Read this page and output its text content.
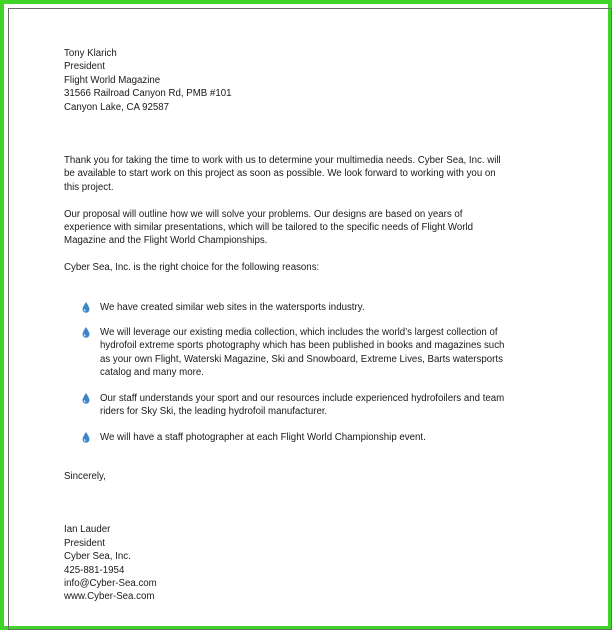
Tony Klarich
President
Flight World Magazine
31566 Railroad Canyon Rd, PMB #101
Canyon Lake, CA 92587
Thank you for taking the time to work with us to determine your multimedia needs. Cyber Sea, Inc. will
be available to start work on this project as soon as possible. We look forward to working with you on
this project.
Our proposal will outline how we will solve your problems. Our designs are based on years of
experience with similar presentations, which will be tailored to the specific needs of Flight World
Magazine and the Flight World Championships.
Cyber Sea, Inc. is the right choice for the following reasons:
We have created similar web sites in the watersports industry.
We will leverage our existing media collection, which includes the world’s largest collection of
hydrofoil extreme sports photography which has been published in books and magazines such
as your own Flight, Waterski Magazine, Ski and Snowboard, Extreme Lives, Barts watersports
catalog and many more.
Our staff understands your sport and our resources include experienced hydrofoilers and team
riders for Sky Ski, the leading hydrofoil manufacturer.
We will have a staff photographer at each Flight World Championship event.
Sincerely,
Ian Lauder
President
Cyber Sea, Inc.
425-881-1954
info@Cyber-Sea.com
www.Cyber-Sea.com
